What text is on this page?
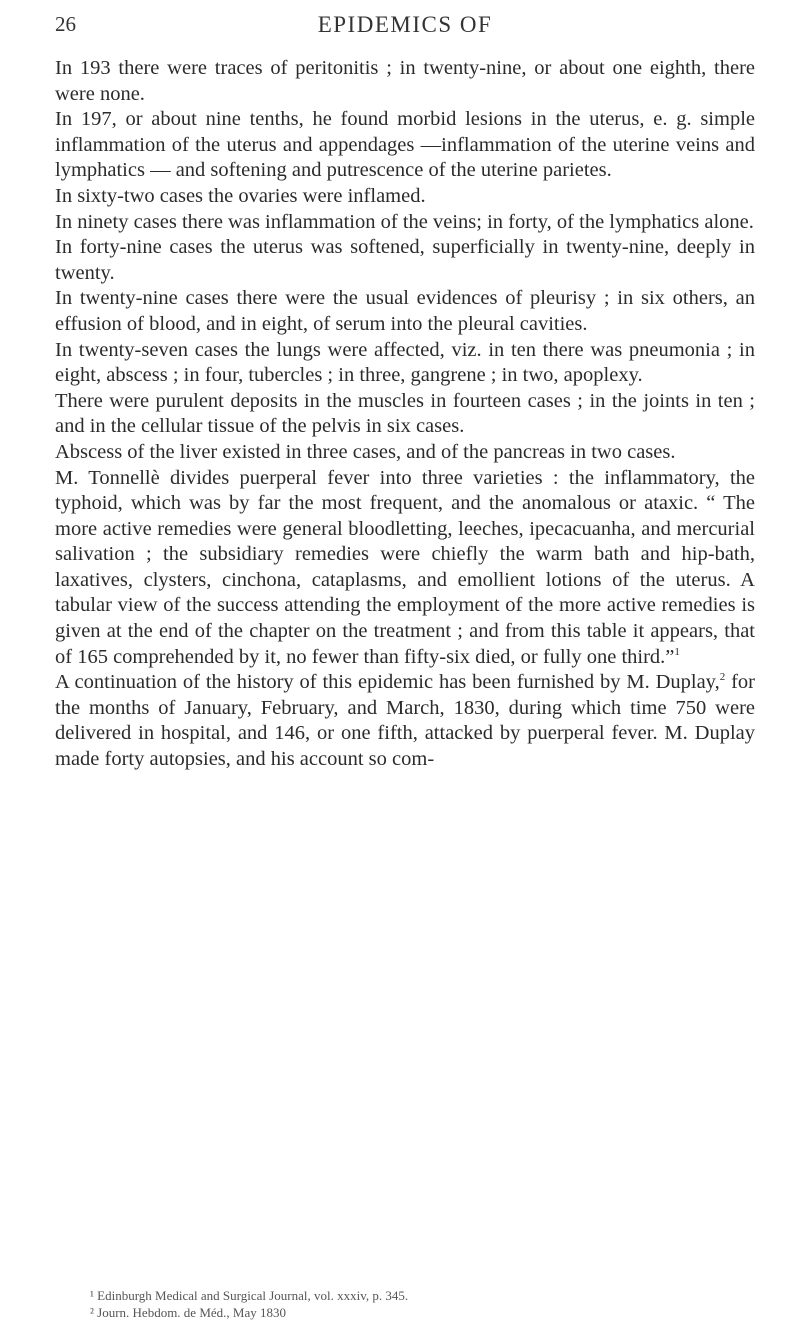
26	EPIDEMICS OF

In 193 there were traces of peritonitis ; in twenty-nine, or about one eighth, there were none.

In 197, or about nine tenths, he found morbid lesions in the uterus, e. g. simple inflammation of the uterus and appendages —inflammation of the uterine veins and lymphatics — and softening and putrescence of the uterine parietes.

In sixty-two cases the ovaries were inflamed.

In ninety cases there was inflammation of the veins; in forty, of the lymphatics alone.

In forty-nine cases the uterus was softened, superficially in twenty-nine, deeply in twenty.

In twenty-nine cases there were the usual evidences of pleurisy ; in six others, an effusion of blood, and in eight, of serum into the pleural cavities.

In twenty-seven cases the lungs were affected, viz. in ten there was pneumonia ; in eight, abscess ; in four, tubercles ; in three, gangrene ; in two, apoplexy.

There were purulent deposits in the muscles in fourteen cases ; in the joints in ten ; and in the cellular tissue of the pelvis in six cases.

Abscess of the liver existed in three cases, and of the pancreas in two cases.

M. Tonnellè divides puerperal fever into three varieties : the inflammatory, the typhoid, which was by far the most frequent, and the anomalous or ataxic. “ The more active remedies were general bloodletting, leeches, ipecacuanha, and mercurial salivation ; the subsidiary remedies were chiefly the warm bath and hip-bath, laxatives, clysters, cinchona, cataplasms, and emollient lotions of the uterus. A tabular view of the success attending the employment of the more active remedies is given at the end of the chapter on the treatment ; and from this table it appears, that of 165 comprehended by it, no fewer than fifty-six died, or fully one third.”$^1$

A continuation of the history of this epidemic has been furnished by M. Duplay,$^2$ for the months of January, February, and March, 1830, during which time 750 were delivered in hospital, and 146, or one fifth, attacked by puerperal fever. M. Duplay made forty autopsies, and his account so com-

¹ Edinburgh Medical and Surgical Journal, vol. xxxiv, p. 345.

² Journ. Hebdom. de Méd., May 1830
